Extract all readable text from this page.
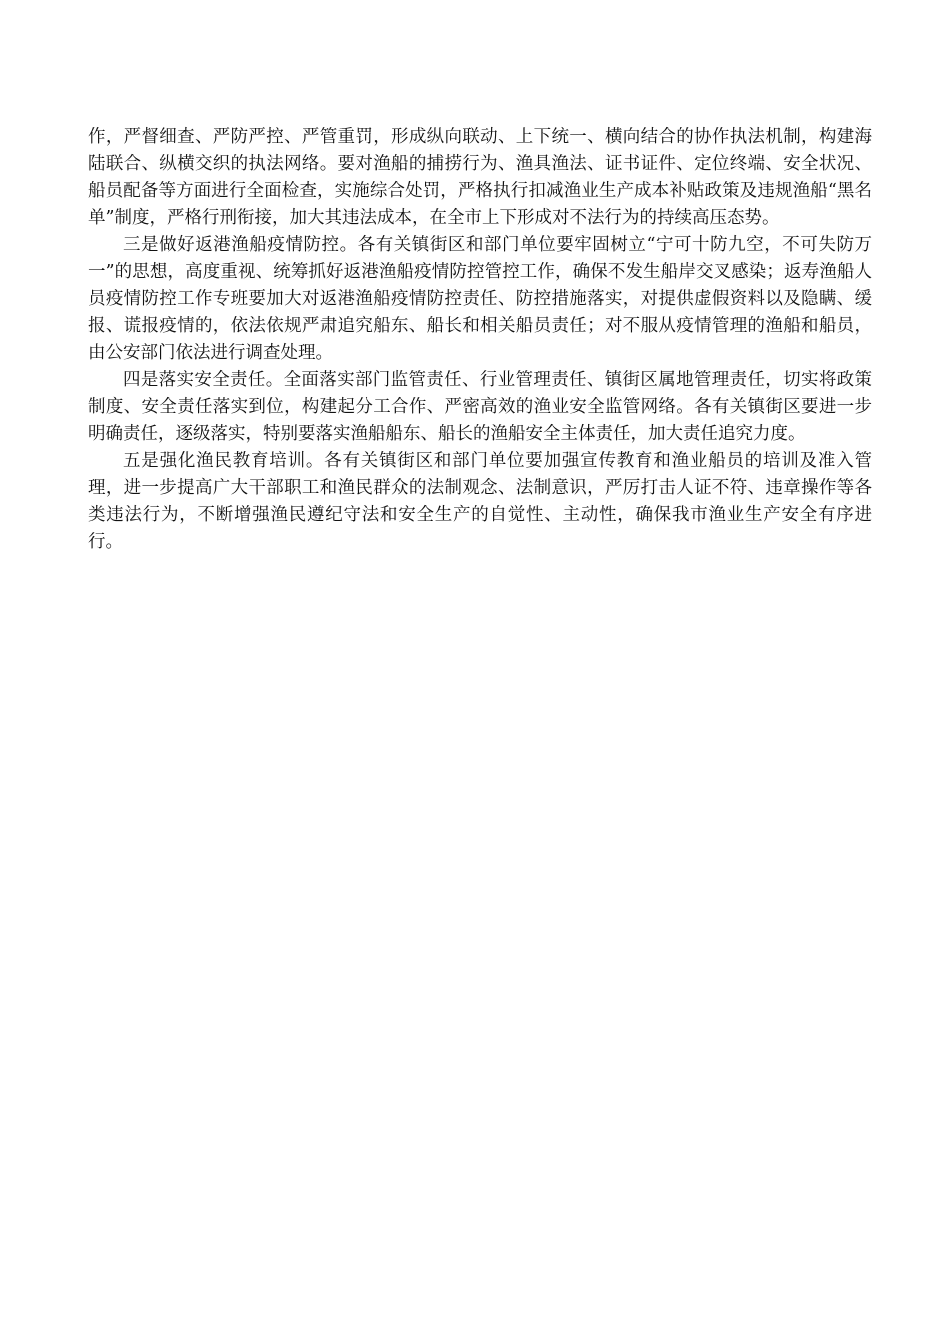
作，严督细查、严防严控、严管重罚，形成纵向联动、上下统一、横向结合的协作执法机制，构建海陆联合、纵横交织的执法网络。要对渔船的捕捞行为、渔具渔法、证书证件、定位终端、安全状况、船员配备等方面进行全面检查，实施综合处罚，严格执行扣减渔业生产成本补贴政策及违规渔船“黑名单”制度，严格行刑衔接，加大其违法成本，在全市上下形成对不法行为的持续高压态势。

三是做好返港渔船疫情防控。各有关镇街区和部门单位要牢固树立“宁可十防九空，不可失防万一”的思想，高度重视、统筹抓好返港渔船疫情防控管控工作，确保不发生船岸交叉感染；返寿渔船人员疫情防控工作专班要加大对返港渔船疫情防控责任、防控措施落实，对提供虚假资料以及隐瞒、缓报、谎报疫情的，依法依规严肃追究船东、船长和相关船员责任；对不服从疫情管理的渔船和船员，由公安部门依法进行调查处理。

四是落实安全责任。全面落实部门监管责任、行业管理责任、镇街区属地管理责任，切实将政策制度、安全责任落实到位，构建起分工合作、严密高效的渔业安全监管网络。各有关镇街区要进一步明确责任，逐级落实，特别要落实渔船船东、船长的渔船安全主体责任，加大责任追究力度。

五是强化渔民教育培训。各有关镇街区和部门单位要加强宣传教育和渔业船员的培训及准入管理，进一步提高广大干部职工和渔民群众的法制观念、法制意识，严厉打击人证不符、违章操作等各类违法行为，不断增强渔民遵纪守法和安全生产的自觉性、主动性，确保我市渔业生产安全有序进行。
